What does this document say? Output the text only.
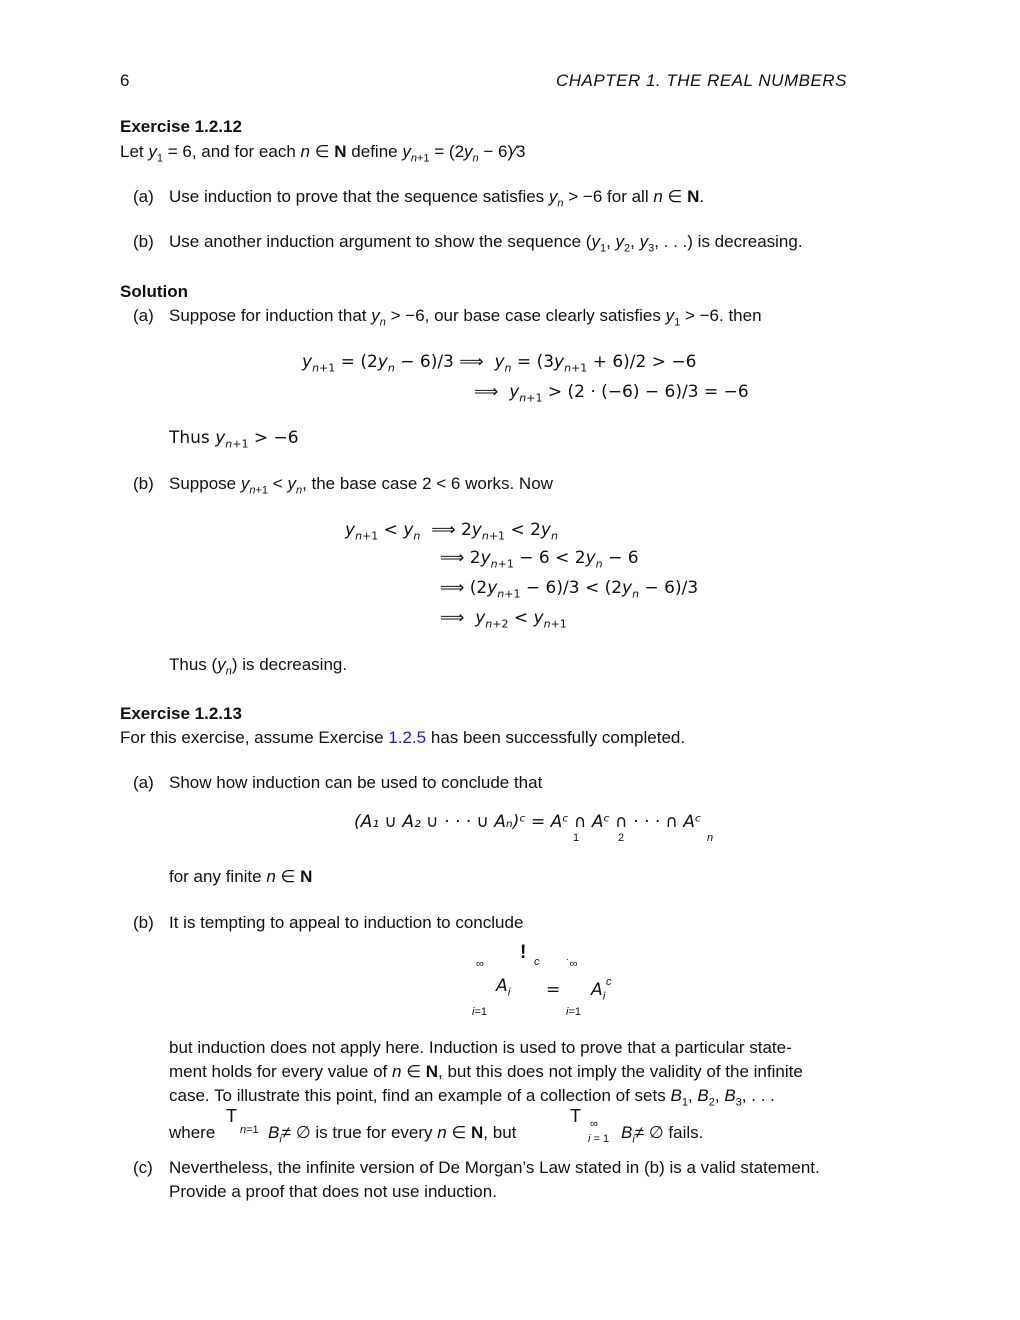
6	CHAPTER 1. THE REAL NUMBERS
Exercise 1.2.12
Let $y_1 = 6$, and for each n ∈ N define $y_{n+1} = (2y_n$ − 6)∕3
(a) Use induction to prove that the sequence satisfies $y_n > -6$ for all n ∈ N.
(b) Use another induction argument to show the sequence ($y_1$, $y_2$, $y_3$, . . .) is decreasing.
Solution
(a) Suppose for induction that $y_n > -6$, our base case clearly satisfies $y_1 > -6$. then
$y_{n+1} = (2y_n$ − 6)∕3 ⟹ $y_n = (3y_{n+1}$ + 6)∕2 > −6
⟹ $y_{n+1} > (2 \cdot (-6)$ − 6)∕3 = −6
Thus $y_{n+1} > -6$
(b) Suppose $y_{n+1} < y_n$, the base case 2 < 6 works. Now
$y_{n+1} < y_n$ ⟹ $2y_{n+1} < 2y_n$
⟹ $2y_{n+1} - 6 < 2y_n - 6$
⟹ ($2y_{n+1}$ − 6)∕3 < ($2y_n$ − 6)∕3
⟹ $y_{n+2} < y_{n+1}$
Thus $(y_n)$ is decreasing.
Exercise 1.2.13
For this exercise, assume Exercise 1.2.5 has been successfully completed.
(a) Show how induction can be used to conclude that
(A₁ ∪ A₂ ∪ · · · ∪ Aₙ)ᶜ = Aᶜ ∩ Aᶜ ∩ · · · ∩ Aᶜ
1	2	n
for any finite n ∈ N
(b) It is tempting to appeal to induction to conclude
∞
! c ˙∞
$A_i = A_i$
c
i=1	i=1
but induction does not apply here. Induction is used to prove that a particular state-
ment holds for every value of n ∈ N, but this does not imply the validity of the infinite
case. To illustrate this point, find an example of a collection of sets $B_1$, $B_2$, $B_3$, . . .
where
T
n=1 $B_i\ne$ ∅ is true for every n ∈ N, but
T ∞
i = 1 $B_i\ne$ ∅ fails.
(c) Nevertheless, the infinite version of De Morgan’s Law stated in (b) is a valid statement.
Provide a proof that does not use induction.
